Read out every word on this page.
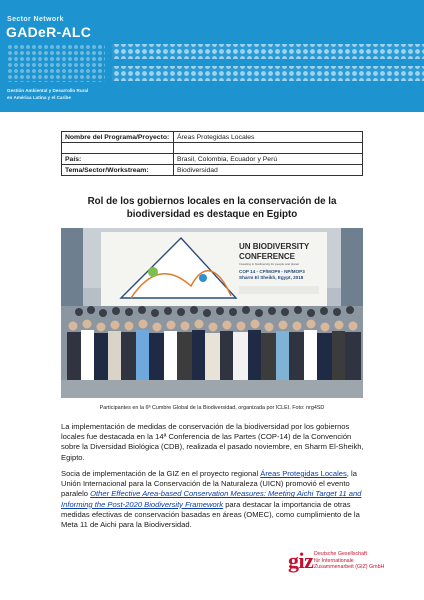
Sector Network
GADeR-ALC
Gestión Ambiental y Desarrollo Rural
en América Latina y el Caribe
Nombre del Programa/Proyecto:	Áreas Protegidas Locales

País:	Brasil, Colombia, Ecuador y Perú
Tema/Sector/Workstream:	Biodiversidad
Rol de los gobiernos locales en la conservación de la biodiversidad es destaque en Egipto
UN BIODIVERSITY
CONFERENCE
Investing in biodiversity for people and planet
COP 14 - CP/MOP9 - NP/MOP3
Sharm El Sheikh, Egypt, 2018
Participantes en la 6ª Cumbre Global de la Biodiversidad, organizada por ICLEI. Foto: nrg4SD
La implementación de medidas de conservación de la biodiversidad por los gobiernos locales fue destacada en la 14ª Conferencia de las Partes (COP-14) de la Convención sobre la Diversidad Biológica (CDB), realizada el pasado noviembre, en Sharm El-Sheikh, Egipto.
Socia de implementación de la GIZ en el proyecto regional Áreas Protegidas Locales, la Unión Internacional para la Conservación de la Naturaleza (UICN) promovió el evento paralelo Other Effective Area-based Conservation Measures: Meeting Aichi Target 11 and Informing the Post-2020 Biodiversity Framework para destacar la importancia de otras medidas efectivas de conservación basadas en áreas (OMEC), como cumplimiento de la Meta 11 de Aichi para la Biodiversidad.
giz Deutsche Gesellschaft
für Internationale
Zusammenarbeit (GIZ) GmbH
